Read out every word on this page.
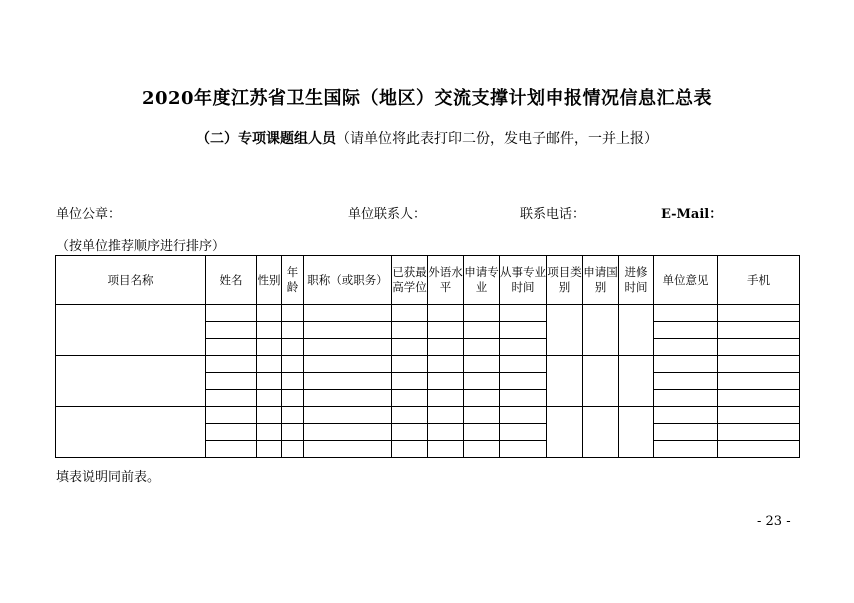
2020年度江苏省卫生国际（地区）交流支撑计划申报情况信息汇总表
（二）专项课题组人员（请单位将此表打印二份，发电子邮件，一并上报）
单位公章：	单位联系人：	联系电话：	E-Mail：
（按单位推荐顺序进行排序）
项目名称	姓名	性别	年龄	职称（或职务）	已获最高学位	外语水平	申请专业	从事专业时间	项目类别	申请国别	进修时间	单位意见	手机

填表说明同前表。
- 23 -
